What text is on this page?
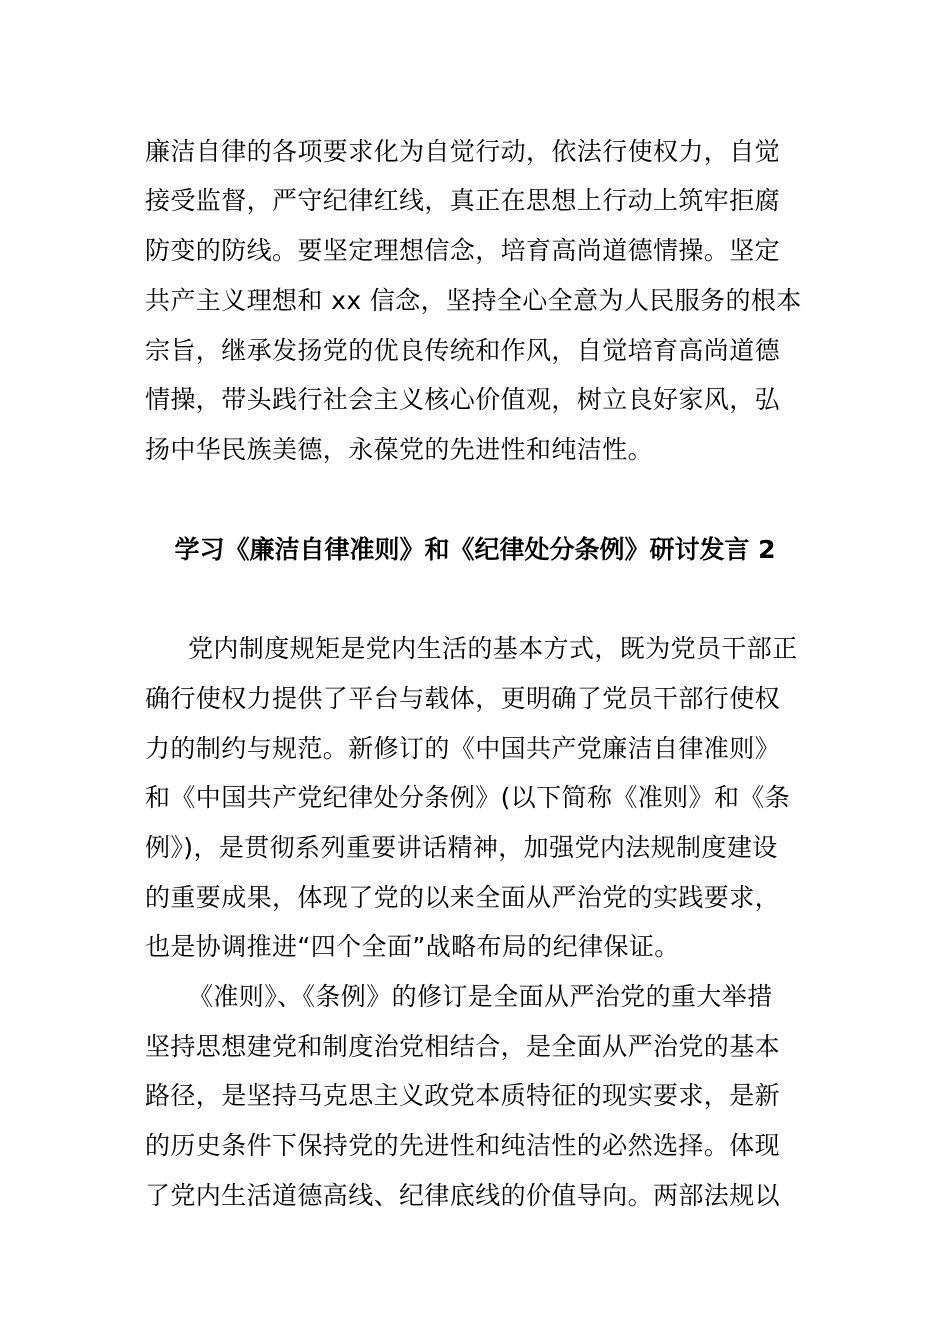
廉洁自律的各项要求化为自觉行动，依法行使权力，自觉
接受监督，严守纪律红线，真正在思想上行动上筑牢拒腐
防变的防线。要坚定理想信念，培育高尚道德情操。坚定
共产主义理想和 xx 信念，坚持全心全意为人民服务的根本
宗旨，继承发扬党的优良传统和作风，自觉培育高尚道德
情操，带头践行社会主义核心价值观，树立良好家风，弘
扬中华民族美德，永葆党的先进性和纯洁性。
学习《廉洁自律准则》和《纪律处分条例》研讨发言 2
党内制度规矩是党内生活的基本方式，既为党员干部正
确行使权力提供了平台与载体，更明确了党员干部行使权
力的制约与规范。新修订的《中国共产党廉洁自律准则》
和《中国共产党纪律处分条例》(以下简称《准则》和《条
例》)，是贯彻系列重要讲话精神，加强党内法规制度建设
的重要成果，体现了党的以来全面从严治党的实践要求，
也是协调推进“四个全面”战略布局的纪律保证。
《准则》、《条例》的修订是全面从严治党的重大举措
坚持思想建党和制度治党相结合，是全面从严治党的基本
路径，是坚持马克思主义政党本质特征的现实要求，是新
的历史条件下保持党的先进性和纯洁性的必然选择。体现
了党内生活道德高线、纪律底线的价值导向。两部法规以
